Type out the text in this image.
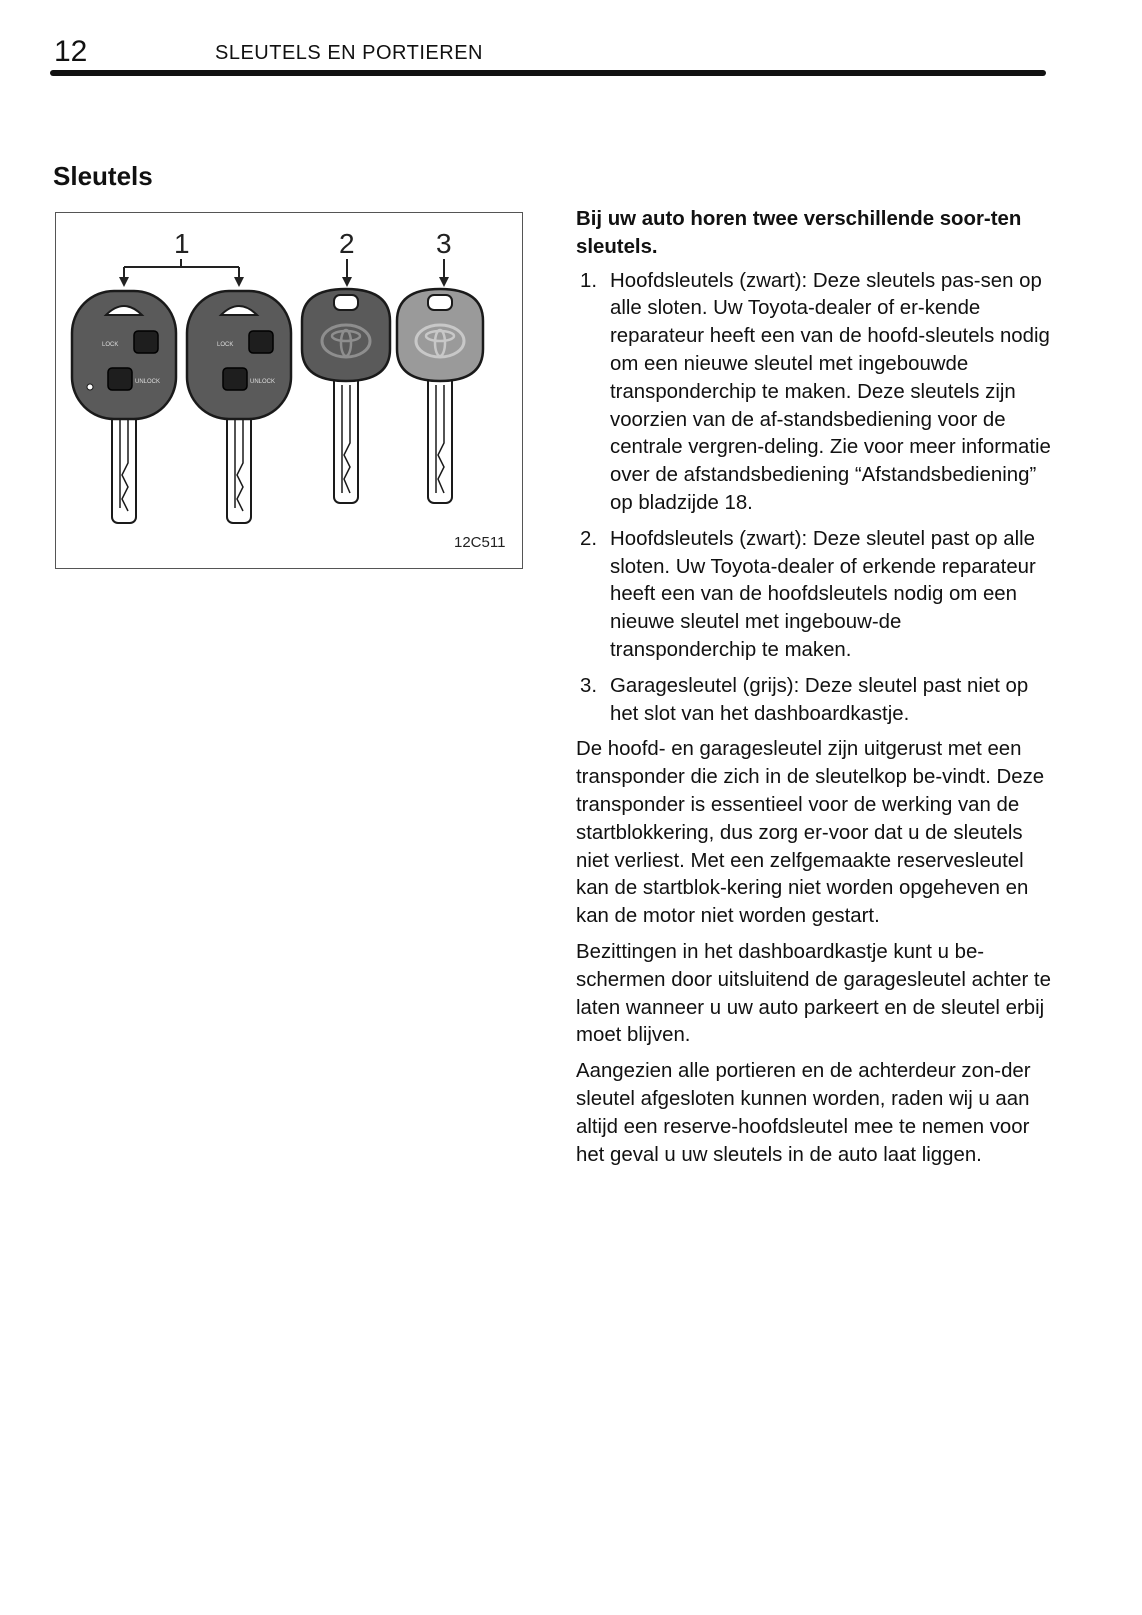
12	SLEUTELS EN PORTIEREN
Sleutels
1	2	3
LOCK
UNLOCK
LOCK
UNLOCK
12C511

Bij uw auto horen twee verschillende soor-ten sleutels.

1. Hoofdsleutels (zwart): Deze sleutels pas-sen op alle sloten. Uw Toyota‑dealer of er-kende reparateur heeft een van de hoofd-sleutels nodig om een nieuwe sleutel met ingebouwde transponderchip te maken. Deze sleutels zijn voorzien van de af-standsbediening voor de centrale vergren-deling. Zie voor meer informatie over de afstandsbediening “Afstandsbediening” op bladzijde 18.
2. Hoofdsleutels (zwart): Deze sleutel past op alle sloten. Uw Toyota‑dealer of erkende reparateur heeft een van de hoofdsleutels nodig om een nieuwe sleutel met ingebouw-de transponderchip te maken.
3. Garagesleutel (grijs): Deze sleutel past niet op het slot van het dashboardkastje.

De hoofd‑ en garagesleutel zijn uitgerust met een transponder die zich in de sleutelkop be-vindt. Deze transponder is essentieel voor de werking van de startblokkering, dus zorg er-voor dat u de sleutels niet verliest. Met een zelfgemaakte reservesleutel kan de startblok-kering niet worden opgeheven en kan de motor niet worden gestart.

Bezittingen in het dashboardkastje kunt u be-schermen door uitsluitend de garagesleutel achter te laten wanneer u uw auto parkeert en de sleutel erbij moet blijven.

Aangezien alle portieren en de achterdeur zon-der sleutel afgesloten kunnen worden, raden wij u aan altijd een reserve‑hoofdsleutel mee te nemen voor het geval u uw sleutels in de auto laat liggen.
